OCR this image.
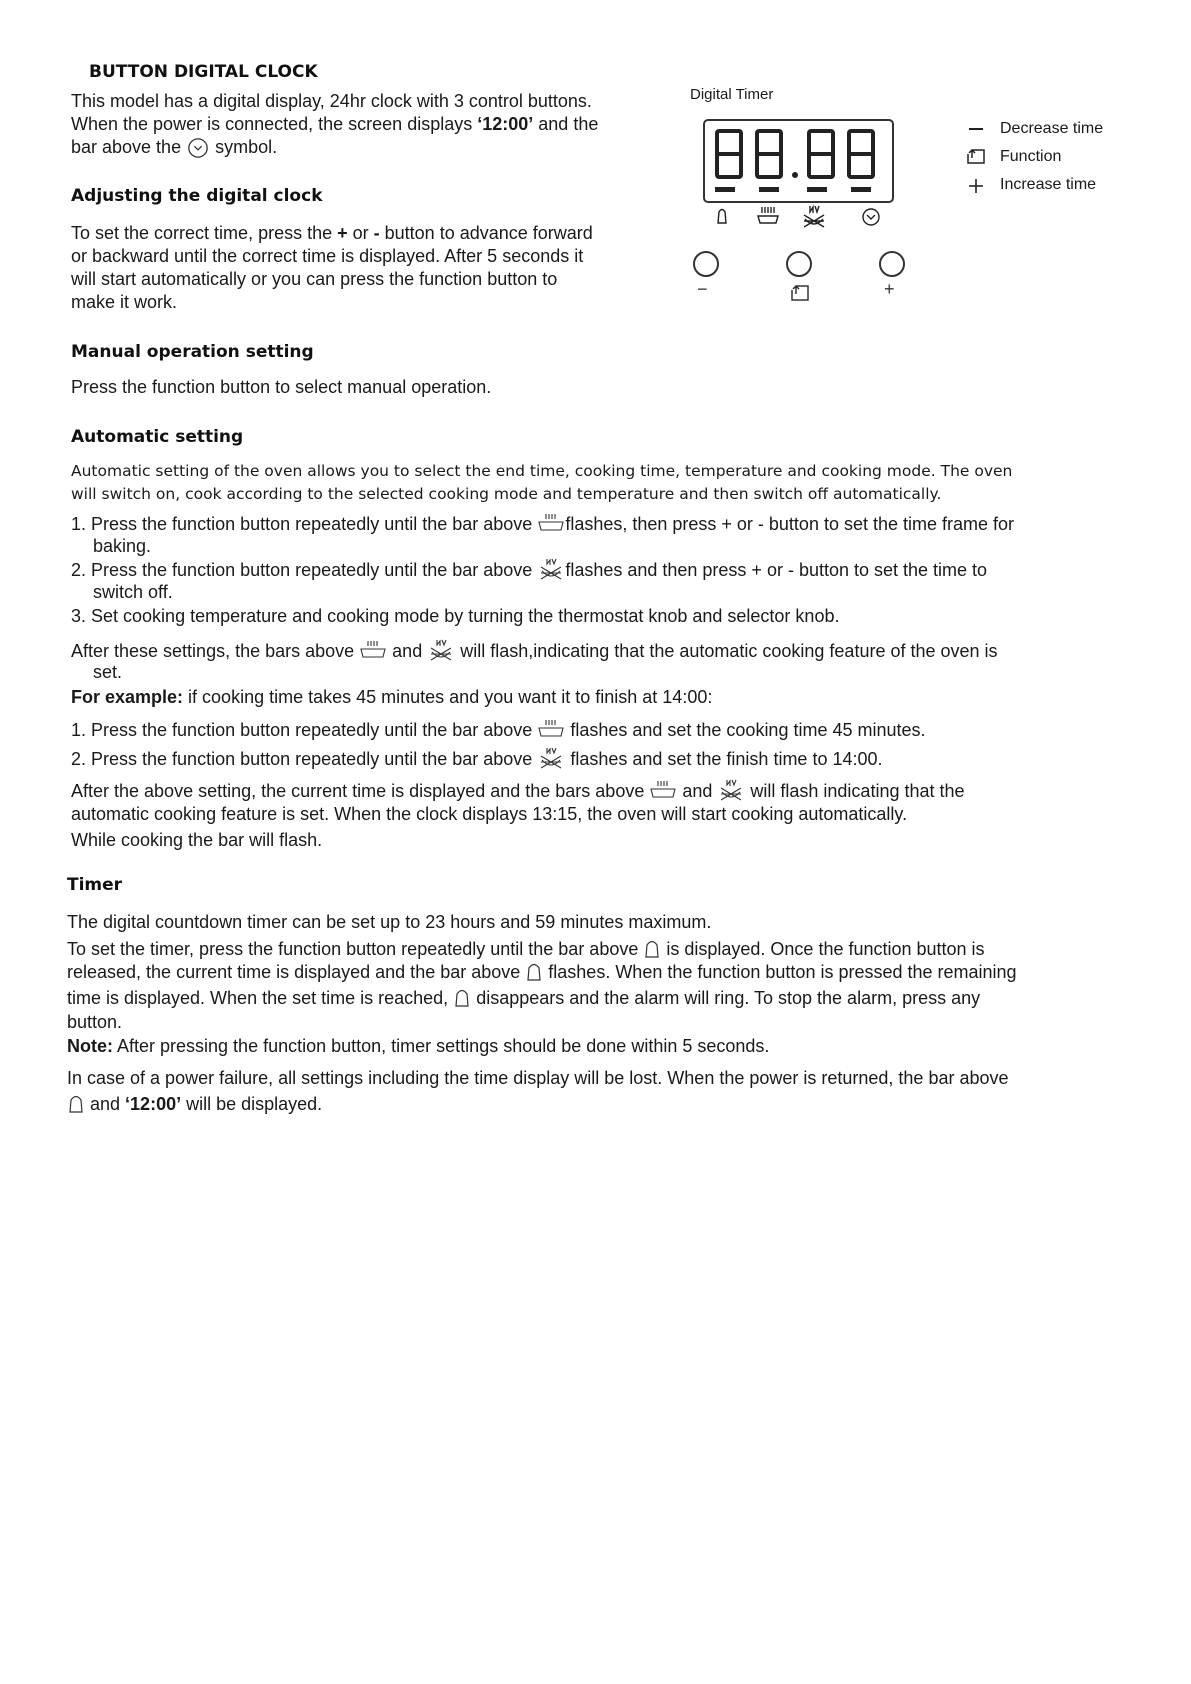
BUTTON DIGITAL CLOCK
This model has a digital display, 24hr clock with 3 control buttons.
When the power is connected, the screen displays ‘12:00’ and the
bar above the  symbol.
Digital Timer
−	+
Decrease time
Function
Increase time
Adjusting the digital clock
To set the correct time, press the + or - button to advance forward
or backward until the correct time is displayed. After 5 seconds it
will start automatically or you can press the function button to
make it work.
Manual operation setting
Press the function button to select manual operation.
Automatic setting
Automatic setting of the oven allows you to select the end time, cooking time, temperature and cooking mode. The oven
will switch on, cook according to the selected cooking mode and temperature and then switch off automatically.
1. Press the function button repeatedly until the bar above flashes, then press + or - button to set the time frame for
baking.
2. Press the function button repeatedly until the bar above flashes and then press + or - button to set the time to
switch off.
3. Set cooking temperature and cooking mode by turning the thermostat knob and selector knob.
After these settings, the bars above  and  will flash,indicating that the automatic cooking feature of the oven is
set.
For example: if cooking time takes 45 minutes and you want it to finish at 14:00:
1. Press the function button repeatedly until the bar above  flashes and set the cooking time 45 minutes.
2. Press the function button repeatedly until the bar above  flashes and set the finish time to 14:00.
After the above setting, the current time is displayed and the bars above  and  will flash indicating that the
automatic cooking feature is set. When the clock displays 13:15, the oven will start cooking automatically.
While cooking the bar will flash.
Timer
The digital countdown timer can be set up to 23 hours and 59 minutes maximum.
To set the timer, press the function button repeatedly until the bar above  is displayed. Once the function button is
released, the current time is displayed and the bar above  flashes. When the function button is pressed the remaining
time is displayed. When the set time is reached,  disappears and the alarm will ring. To stop the alarm, press any
button.
Note: After pressing the function button, timer settings should be done within 5 seconds.
In case of a power failure, all settings including the time display will be lost. When the power is returned, the bar above
and ‘12:00’ will be displayed.
